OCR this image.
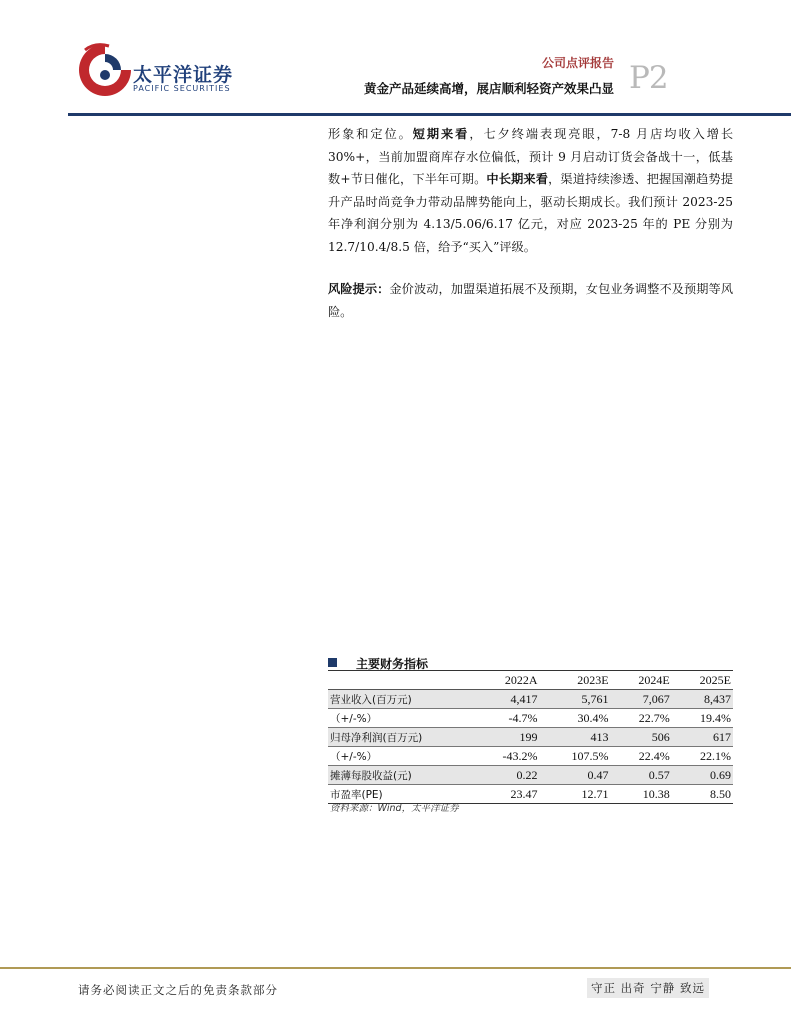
太平洋证券
PACIFIC SECURITIES
公司点评报告
黄金产品延续高增，展店顺利轻资产效果凸显 P2

形象和定位。短期来看，七夕终端表现亮眼，7-8 月店均收入增长 30%+，当前加盟商库存水位偏低，预计 9 月启动订货会备战十一，低基数+节日催化，下半年可期。中长期来看，渠道持续渗透、把握国潮趋势提升产品时尚竞争力带动品牌势能向上，驱动长期成长。我们预计 2023-25 年净利润分别为 4.13/5.06/6.17 亿元，对应 2023-25 年的 PE 分别为 12.7/10.4/8.5 倍，给予“买入”评级。

风险提示：金价波动，加盟渠道拓展不及预期，女包业务调整不及预期等风险。

主要财务指标
	2022A	2023E	2024E	2025E
营业收入(百万元)	4,417	5,761	7,067	8,437
（+/-%）	-4.7%	30.4%	22.7%	19.4%
归母净利润(百万元)	199	413	506	617
（+/-%）	-43.2%	107.5%	22.4%	22.1%
摊薄每股收益(元)	0.22	0.47	0.57	0.69
市盈率(PE)	23.47	12.71	10.38	8.50
资料来源：Wind，太平洋证券
请务必阅读正文之后的免责条款部分	守正 出奇 宁静 致远
